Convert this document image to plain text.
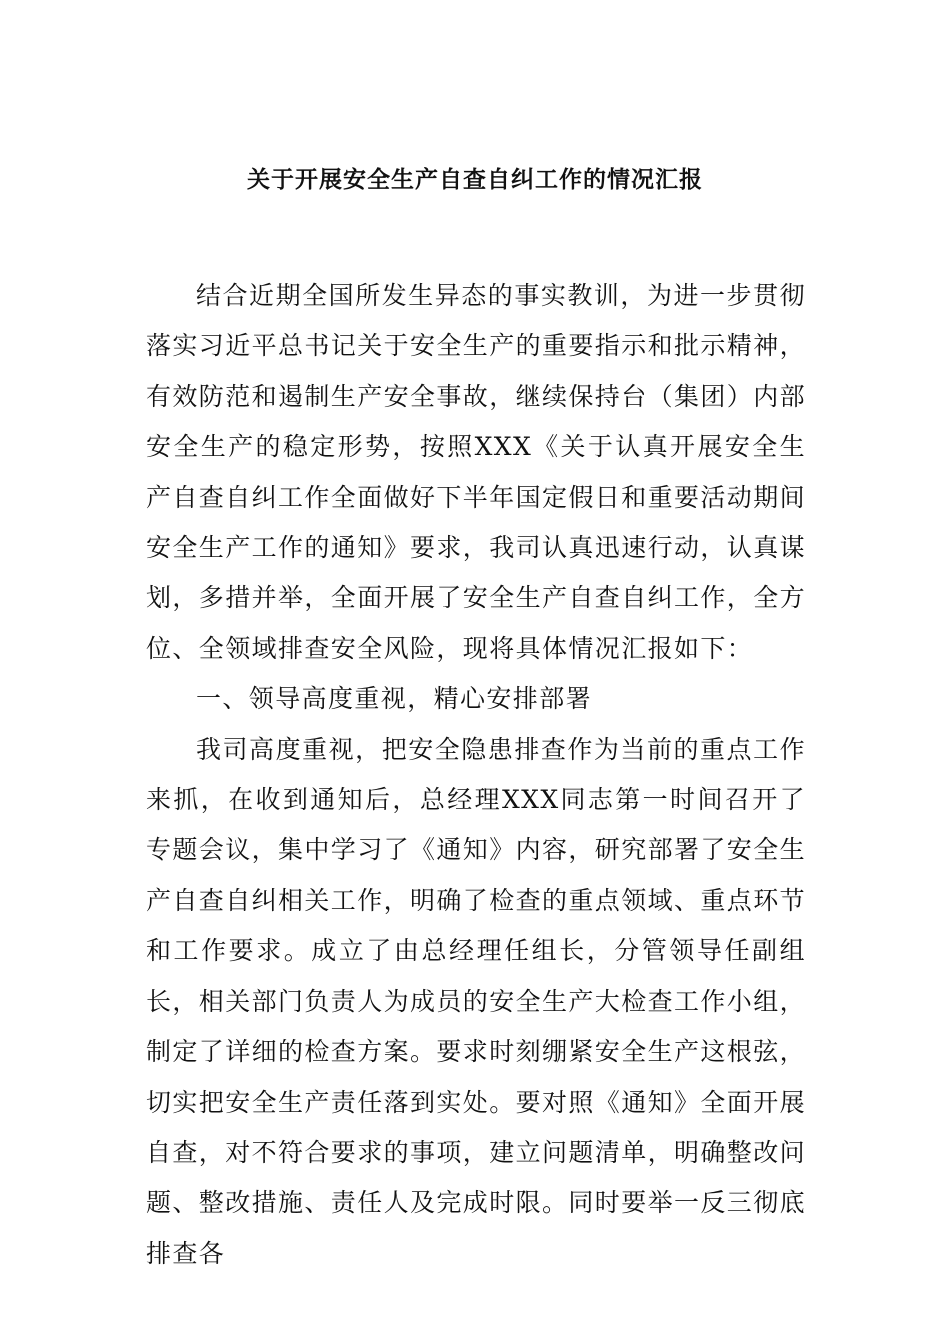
关于开展安全生产自查自纠工作的情况汇报

结合近期全国所发生异态的事实教训，为进一步贯彻落实习近平总书记关于安全生产的重要指示和批示精神，有效防范和遏制生产安全事故，继续保持台（集团）内部安全生产的稳定形势，按照XXX《关于认真开展安全生产自查自纠工作全面做好下半年国定假日和重要活动期间安全生产工作的通知》要求，我司认真迅速行动，认真谋划，多措并举，全面开展了安全生产自查自纠工作，全方位、全领域排查安全风险，现将具体情况汇报如下：

一、领导高度重视，精心安排部署

我司高度重视，把安全隐患排查作为当前的重点工作来抓，在收到通知后，总经理XXX同志第一时间召开了专题会议，集中学习了《通知》内容，研究部署了安全生产自查自纠相关工作，明确了检查的重点领域、重点环节和工作要求。成立了由总经理任组长，分管领导任副组长，相关部门负责人为成员的安全生产大检查工作小组，制定了详细的检查方案。要求时刻绷紧安全生产这根弦，切实把安全生产责任落到实处。要对照《通知》全面开展自查，对不符合要求的事项，建立问题清单，明确整改问题、整改措施、责任人及完成时限。同时要举一反三彻底排查各
